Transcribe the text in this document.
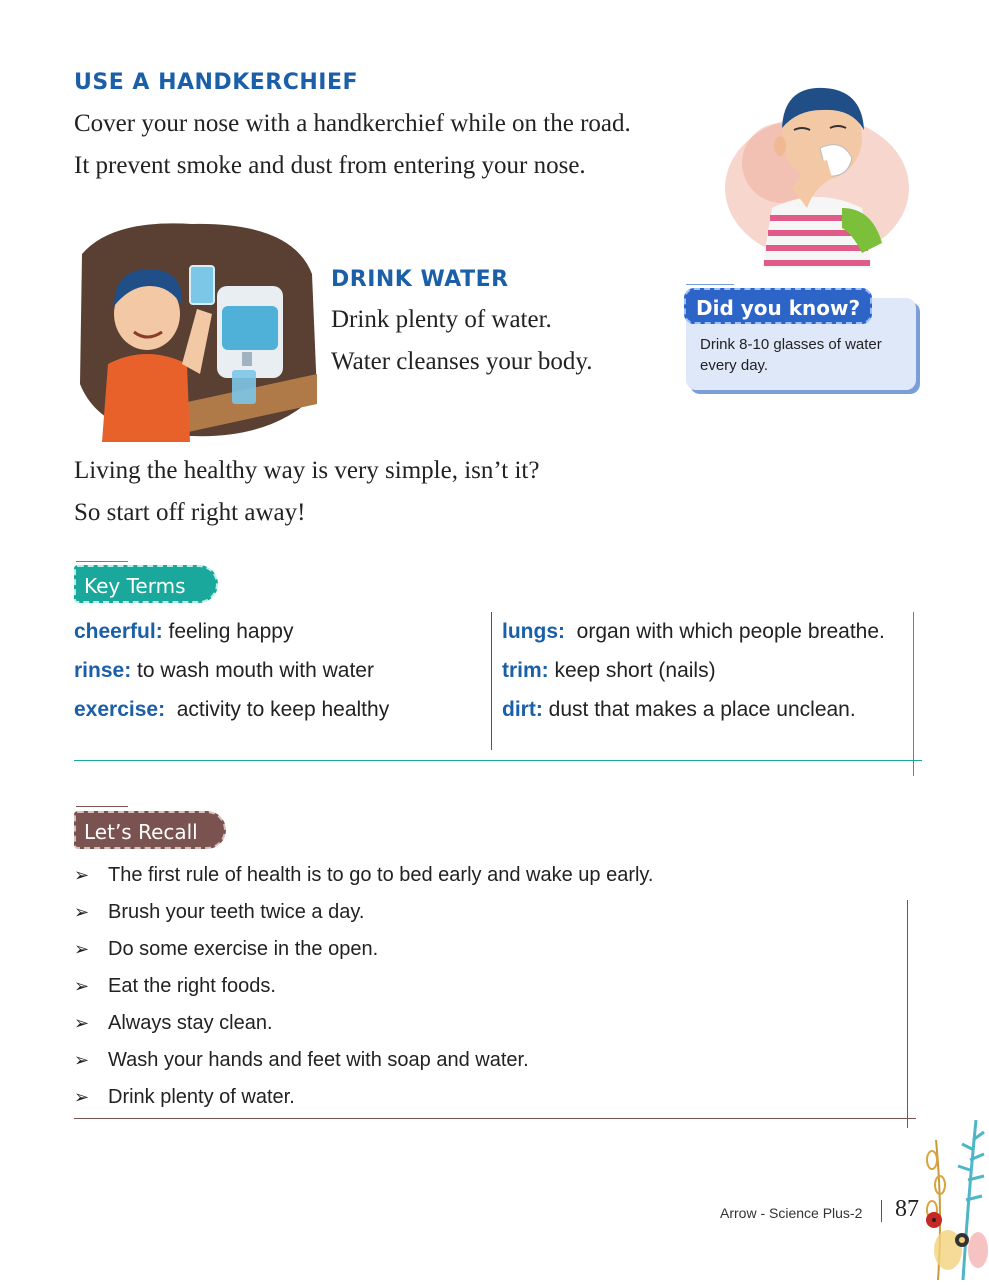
USE A HANDKERCHIEF
Cover your nose with a handkerchief while on the road.
It prevent smoke and dust from entering your nose.
DRINK WATER
Drink plenty of water.
Water cleanses your body.
Did you know?
Drink 8-10 glasses of water every day.
Living the healthy way is very simple, isn’t it?
So start off right away!
Key Terms
cheerful: feeling happy
rinse: to wash mouth with water
exercise:  activity to keep healthy
lungs:  organ with which people breathe.
trim: keep short (nails)
dirt: dust that makes a place unclean.
Let’s Recall
➢ The first rule of health is to go to bed early and wake up early.
➢ Brush your teeth twice a day.
➢ Do some exercise in the open.
➢ Eat the right foods.
➢ Always stay clean.
➢ Wash your hands and feet with soap and water.
➢ Drink plenty of water.
Arrow - Science Plus-2 87
